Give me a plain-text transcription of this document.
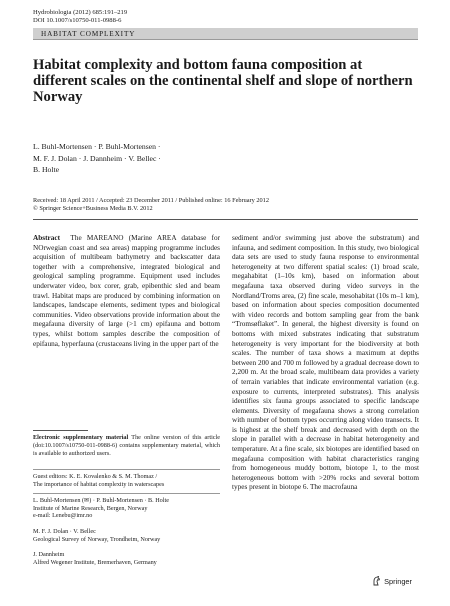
Hydrobiologia (2012) 685:191–219
DOI 10.1007/s10750-011-0988-6
HABITAT COMPLEXITY
Habitat complexity and bottom fauna composition at different scales on the continental shelf and slope of northern Norway
L. Buhl-Mortensen · P. Buhl-Mortensen ·
M. F. J. Dolan · J. Dannheim · V. Bellec ·
B. Holte
Received: 18 April 2011 / Accepted: 23 December 2011 / Published online: 16 February 2012
© Springer Science+Business Media B.V. 2012
Abstract The MAREANO (Marine AREA database for NOrwegian coast and sea areas) mapping programme includes acquisition of multibeam bathymetry and backscatter data together with a comprehensive, integrated biological and geological sampling programme. Equipment used includes underwater video, box corer, grab, epibenthic sled and beam trawl. Habitat maps are produced by combining information on landscapes, landscape elements, sediment types and biological communities. Video observations provide information about the megafauna diversity of large (>1 cm) epifauna and bottom types, whilst bottom samples describe the composition of epifauna, hyperfauna (crustaceans living in the upper part of the
sediment and/or swimming just above the substratum) and infauna, and sediment composition. In this study, two biological data sets are used to study fauna response to environmental heterogeneity at two different spatial scales: (1) broad scale, megahabitat (1–10s km), based on information about megafauna taxa observed during video surveys in the Nordland/Troms area, (2) fine scale, mesohabitat (10s m–1 km), based on information about species composition documented with video records and bottom sampling gear from the bank “Tromsøflaket”. In general, the highest diversity is found on bottoms with mixed substrates indicating that substratum heterogeneity is very important for the biodiversity at both scales. The number of taxa shows a maximum at depths between 200 and 700 m followed by a gradual decrease down to 2,200 m. At the broad scale, multibeam data provides a variety of terrain variables that indicate environmental variation (e.g. exposure to currents, interpreted substrates). This analysis identifies six fauna groups associated to specific landscape elements. Diversity of megafauna shows a strong correlation with number of bottom types occurring along video transects. It is highest at the shelf break and decreased with depth on the slope in parallel with a decrease in habitat heterogeneity and temperature. At a fine scale, six biotopes are identified based on megafauna composition with habitat characteristics ranging from homogeneous muddy bottom, biotope 1, to the most heterogeneous bottom with >20% rocks and several bottom types present in biotope 6. The macrofauna
Electronic supplementary material The online version of this article (doi:10.1007/s10750-011-0988-6) contains supplementary material, which is available to authorized users.
Guest editors: K. E. Kovalenko & S. M. Thomaz /
The importance of habitat complexity in waterscapes
L. Buhl-Mortensen (✉) · P. Buhl-Mortensen · B. Holte
Institute of Marine Research, Bergen, Norway
e-mail: Lenebu@imr.no
M. F. J. Dolan · V. Bellec
Geological Survey of Norway, Trondheim, Norway
J. Dannheim
Alfred Wegener Institute, Bremerhaven, Germany
Springer
